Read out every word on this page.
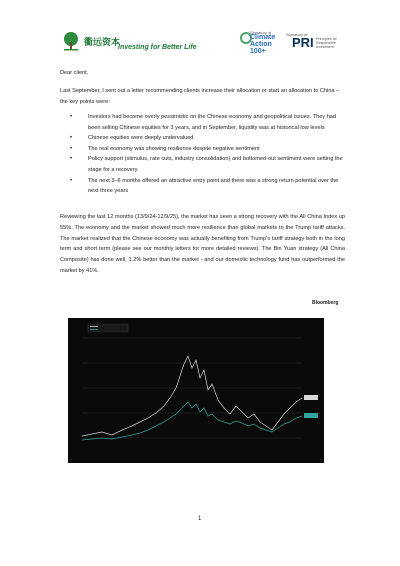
衢远资本
Investing for Better Life
Signatory of
Climate
Action 100+
Signatory of:
PRI Principles for Responsible Investment
Dear client,
Last September, I sent out a letter recommending clients increase their allocation or start an allocation to China – the key points were:
• Investors had become overly pessimistic on the Chinese economy and geopolitical issues. They had been selling Chinese equities for 3 years, and in September, liquidity was at historical low levels
• Chinese equities were deeply undervalued
• The real economy was showing resilience despite negative sentiment
• Policy support (stimulus, rate cuts, industry consolidation) and bottomed-out sentiment were setting the stage for a recovery.
• The next 3–6 months offered an attractive entry point and there was a strong return potential over the next three years
Reviewing the last 12 months (13/9/24-12/9/25), the market has seen a strong recovery with the All China Index up 55%. The economy and the market showed much more resilience than global markets to the Trump tariff attacks. The market realized that the Chinese economy was actually benefiting from Trump's tariff strategy both in the long term and short term (please see our monthly letters for more detailed reviews). The Bin Yuan strategy (All China Composite) has done well, 1.2% better than the market - and our domestic technology fund has outperformed the market by 41%.
Bloomberg
1
